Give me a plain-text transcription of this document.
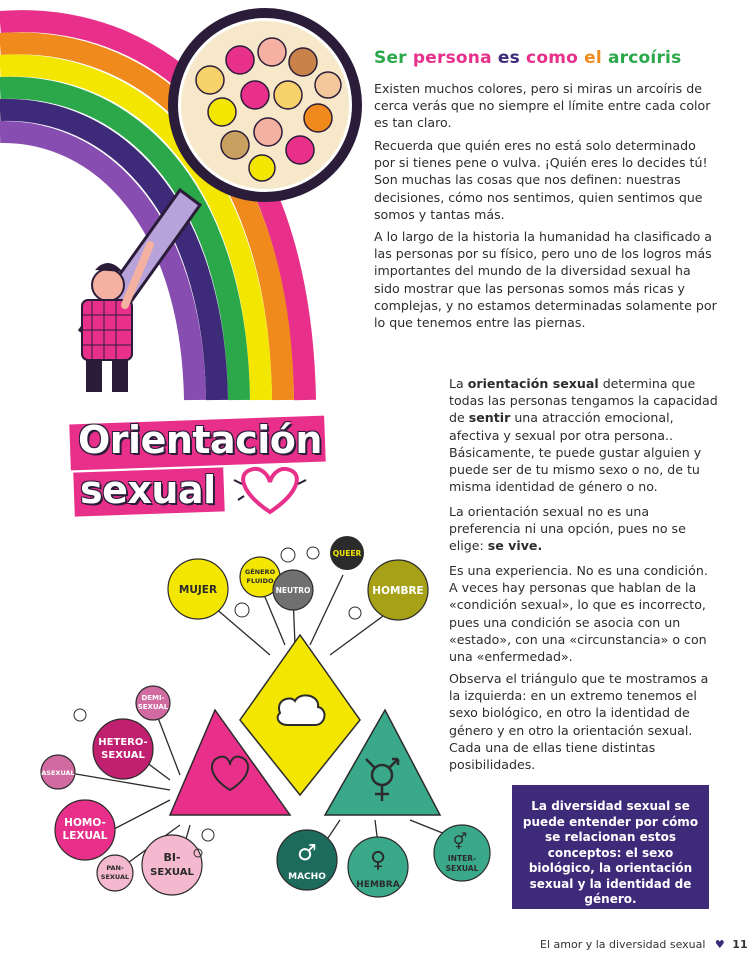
Ser persona es como el arcoíris

Existen muchos colores, pero si miras un arcoíris de cerca verás que no siempre el límite entre cada color es tan claro.

Recuerda que quién eres no está solo determinado por si tienes pene o vulva. ¡Quién eres lo decides tú! Son muchas las cosas que nos definen: nuestras decisiones, cómo nos sentimos, quien sentimos que somos y tantas más.

A lo largo de la historia la humanidad ha clasificado a las personas por su físico, pero uno de los logros más importantes del mundo de la diversidad sexual ha sido mostrar que las personas somos más ricas y complejas, y no estamos determinadas solamente por lo que tenemos entre las piernas.

Orientación
sexual

La orientación sexual determina que todas las personas tengamos la capacidad de sentir una atracción emocional, afectiva y sexual por otra persona.. Básicamente, te puede gustar alguien y puede ser de tu mismo sexo o no, de tu misma identidad de género o no.

La orientación sexual no es una preferencia ni una opción, pues no se elige: se vive.

Es una experiencia. No es una condición. A veces hay personas que hablan de la «condición sexual», lo que es incorrecto, pues una condición se asocia con un «estado», con una «circunstancia» o con una «enfermedad».

Observa el triángulo que te mostramos a la izquierda: en un extremo tenemos el sexo biológico, en otro la identidad de género y en otro la orientación sexual. Cada una de ellas tiene distintas posibilidades.

MUJER
GÉNERO
FLUIDO
NEUTRO
QUEER
HOMBRE
DEMI-
SEXUAL
HETERO-
SEXUAL
ASEXUAL
HOMO-
LEXUAL
PAN-
SEXUAL
BI-
SEXUAL
♂
MACHO
♀
HEMBRA
⚥
INTER-
SEXUAL

La diversidad sexual se puede entender por cómo se relacionan estos conceptos: el sexo biológico, la orientación sexual y la identidad de género.

El amor y la diversidad sexual ♥ 11
